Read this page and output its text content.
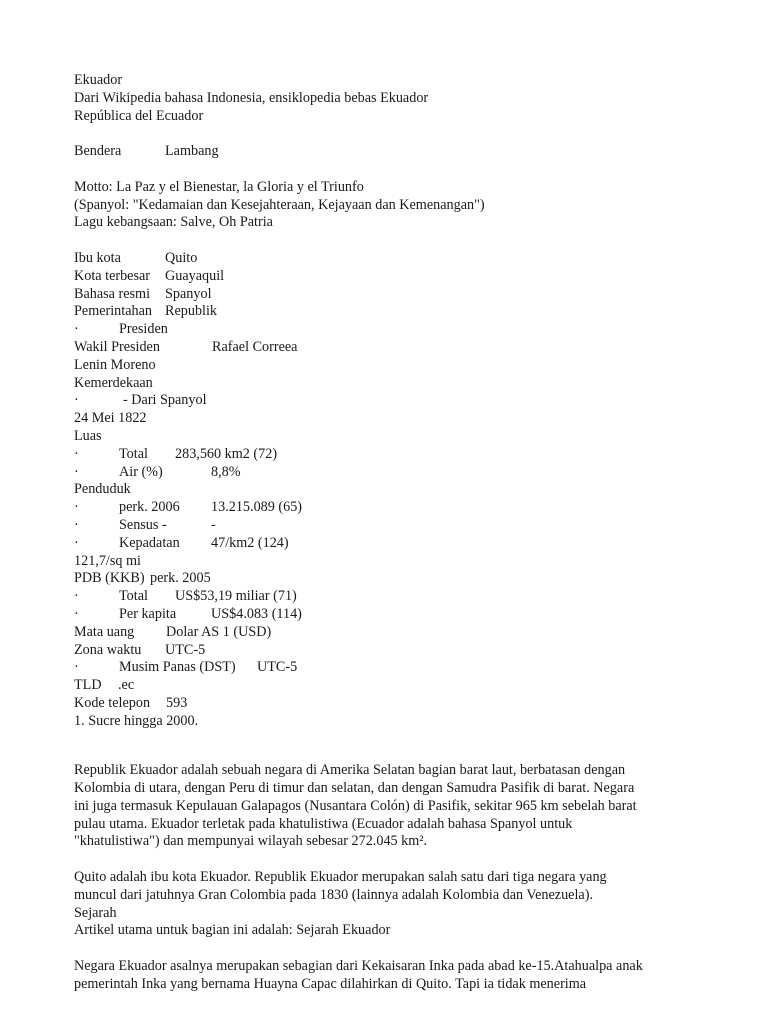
Ekuador
Dari Wikipedia bahasa Indonesia, ensiklopedia bebas Ekuador
República del Ecuador
Bendera	Lambang
Motto: La Paz y el Bienestar, la Gloria y el Triunfo
(Spanyol: "Kedamaian dan Kesejahteraan, Kejayaan dan Kemenangan")
Lagu kebangsaan: Salve, Oh Patria
Ibu kota	Quito
Kota terbesar Guayaquil
Bahasa resmi Spanyol
Pemerintahan Republik
·	Presiden
Wakil Presiden	Rafael Correea
Lenin Moreno
Kemerdekaan
·	- Dari Spanyol
24 Mei 1822
Luas
·	Total 283,560 km2 (72)
·	Air (%)	8,8%
Penduduk
·	perk. 2006 13.215.089 (65)
·	Sensus -	-
·	Kepadatan 47/km2 (124)
121,7/sq mi
PDB (KKB) perk. 2005
·	Total US$53,19 miliar (71)
·	Per kapita US$4.083 (114)
Mata uang Dolar AS 1 (USD)
Zona waktu UTC-5
·	Musim Panas (DST) UTC-5
TLD .ec
Kode telepon 593
1. Sucre hingga 2000.
Republik Ekuador adalah sebuah negara di Amerika Selatan bagian barat laut, berbatasan dengan
Kolombia di utara, dengan Peru di timur dan selatan, dan dengan Samudra Pasifik di barat. Negara
ini juga termasuk Kepulauan Galapagos (Nusantara Colón) di Pasifik, sekitar 965 km sebelah barat
pulau utama. Ekuador terletak pada khatulistiwa (Ecuador adalah bahasa Spanyol untuk
"khatulistiwa") dan mempunyai wilayah sebesar 272.045 km².
Quito adalah ibu kota Ekuador. Republik Ekuador merupakan salah satu dari tiga negara yang
muncul dari jatuhnya Gran Colombia pada 1830 (lainnya adalah Kolombia dan Venezuela).
Sejarah
Artikel utama untuk bagian ini adalah: Sejarah Ekuador
Negara Ekuador asalnya merupakan sebagian dari Kekaisaran Inka pada abad ke-15.Atahualpa anak
pemerintah Inka yang bernama Huayna Capac dilahirkan di Quito. Tapi ia tidak menerima
